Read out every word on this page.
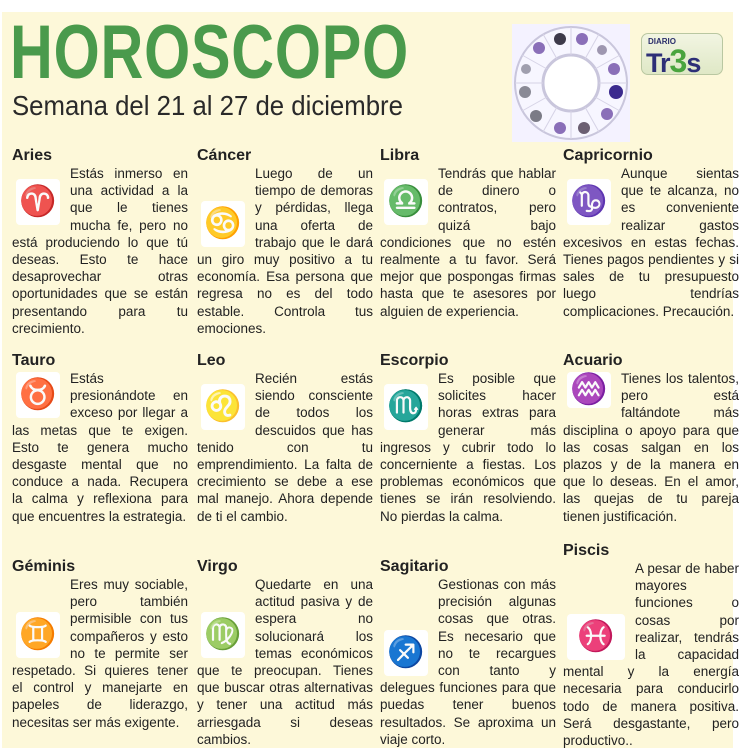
HOROSCOPO
Semana del 21 al 27 de diciembre
DIARIO
Tr3s
Aries

♈
Estás inmerso en una actividad a la que le tienes mucha fe, pero no está produciendo lo que tú deseas. Esto te hace desaprovechar otras oportunidades que se están presentando para tu crecimiento.

Cáncer

♋
Luego de un tiempo de demoras y pérdidas, llega una oferta de trabajo que le dará un giro muy positivo a tu economía. Esa persona que regresa no es del todo estable. Controla tus emociones.

Libra

♎
Tendrás que hablar de dinero o contratos, pero quizá bajo condiciones que no estén realmente a tu favor. Será mejor que pospongas firmas hasta que te asesores por alguien de experiencia.

Capricornio

♑
Aunque sientas que te alcanza, no es conveniente realizar gastos excesivos en estas fechas. Tienes pagos pendientes y si sales de tu presupuesto luego tendrías complicaciones. Precaución.

Tauro

♉ Estás presionándote en exceso por llegar a las metas que te exigen. Esto te genera mucho desgaste mental que no conduce a nada. Recupera la calma y reflexiona para que encuentres la estrategia.

Leo

♌
Recién estás siendo consciente de todos los descuidos que has tenido con tu emprendimiento. La falta de crecimiento se debe a ese mal manejo. Ahora depende de ti el cambio.

Escorpio

♏
Es posible que solicites hacer horas extras para generar más ingresos y cubrir todo lo concerniente a fiestas. Los problemas económicos que tienes se irán resolviendo. No pierdas la calma.

Acuario

♒ Tienes los talentos, pero está faltándote más disciplina o apoyo para que las cosas salgan en los plazos y de la manera en que lo deseas. En el amor, las quejas de tu pareja tienen justificación.

Géminis

♊
Eres muy sociable, pero también permisible con tus compañeros y esto no te permite ser respetado. Si quieres tener el control y manejarte en papeles de liderazgo, necesitas ser más exigente.

Virgo

♍
Quedarte en una actitud pasiva y de espera no solucionará los temas económicos que te preocupan. Tienes que buscar otras alternativas y tener una actitud más arriesgada si deseas cambios.

Sagitario

♐
Gestionas con más precisión algunas cosas que otras. Es necesario que no te recargues con tanto y delegues funciones para que puedas tener buenos resultados. Se aproxima un viaje corto.

Piscis

♓
A pesar de haber mayores funciones o cosas por realizar, tendrás la capacidad mental y la energía necesaria para conducirlo todo de manera positiva. Será desgastante, pero productivo..
